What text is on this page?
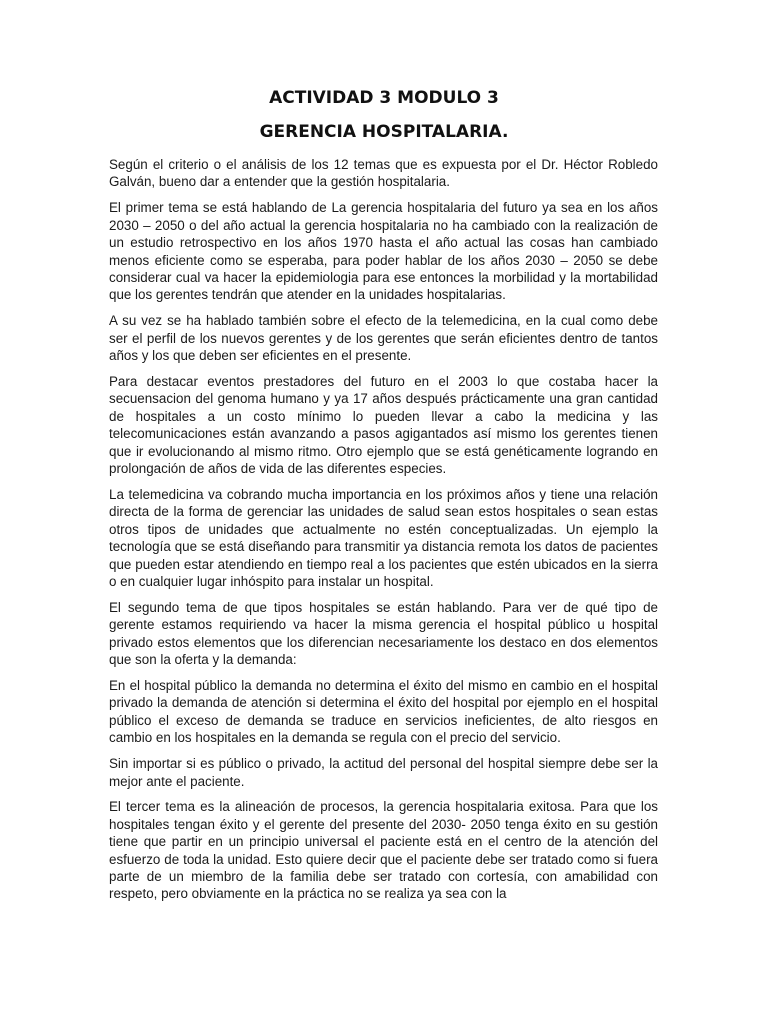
ACTIVIDAD 3 MODULO 3
GERENCIA HOSPITALARIA.

Según el criterio o el análisis de los 12 temas que es expuesta por el Dr. Héctor Robledo Galván, bueno dar a entender que la gestión hospitalaria.

El primer tema se está hablando de La gerencia hospitalaria del futuro ya sea en los años 2030 – 2050 o del año actual la gerencia hospitalaria no ha cambiado con la realización de un estudio retrospectivo en los años 1970 hasta el año actual las cosas han cambiado menos eficiente como se esperaba, para poder hablar de los años 2030 – 2050 se debe considerar cual va hacer la epidemiologia para ese entonces la morbilidad y la mortabilidad que los gerentes tendrán que atender en la unidades hospitalarias.

A su vez se ha hablado también sobre el efecto de la telemedicina, en la cual como debe ser el perfil de los nuevos gerentes y de los gerentes que serán eficientes dentro de tantos años y los que deben ser eficientes en el presente.

Para destacar eventos prestadores del futuro en el 2003 lo que costaba hacer la secuensacion del genoma humano y ya 17 años después prácticamente una gran cantidad de hospitales a un costo mínimo lo pueden llevar a cabo la medicina y las telecomunicaciones están avanzando a pasos agigantados así mismo los gerentes tienen que ir evolucionando al mismo ritmo. Otro ejemplo que se está genéticamente logrando en prolongación de años de vida de las diferentes especies.

La telemedicina va cobrando mucha importancia en los próximos años y tiene una relación directa de la forma de gerenciar las unidades de salud sean estos hospitales o sean estas otros tipos de unidades que actualmente no estén conceptualizadas. Un ejemplo la tecnología que se está diseñando para transmitir ya distancia remota los datos de pacientes que pueden estar atendiendo en tiempo real a los pacientes que estén ubicados en la sierra o en cualquier lugar inhóspito para instalar un hospital.

El segundo tema de que tipos hospitales se están hablando. Para ver de qué tipo de gerente estamos requiriendo va hacer la misma gerencia el hospital público u hospital privado estos elementos que los diferencian necesariamente los destaco en dos elementos que son la oferta y la demanda:

En el hospital público la demanda no determina el éxito del mismo en cambio en el hospital privado la demanda de atención si determina el éxito del hospital por ejemplo en el hospital público el exceso de demanda se traduce en servicios ineficientes, de alto riesgos en cambio en los hospitales en la demanda se regula con el precio del servicio.

Sin importar si es público o privado, la actitud del personal del hospital siempre debe ser la mejor ante el paciente.

El tercer tema es la alineación de procesos, la gerencia hospitalaria exitosa. Para que los hospitales tengan éxito y el gerente del presente del 2030- 2050 tenga éxito en su gestión tiene que partir en un principio universal el paciente está en el centro de la atención del esfuerzo de toda la unidad. Esto quiere decir que el paciente debe ser tratado como si fuera parte de un miembro de la familia debe ser tratado con cortesía, con amabilidad con respeto, pero obviamente en la práctica no se realiza ya sea con la
